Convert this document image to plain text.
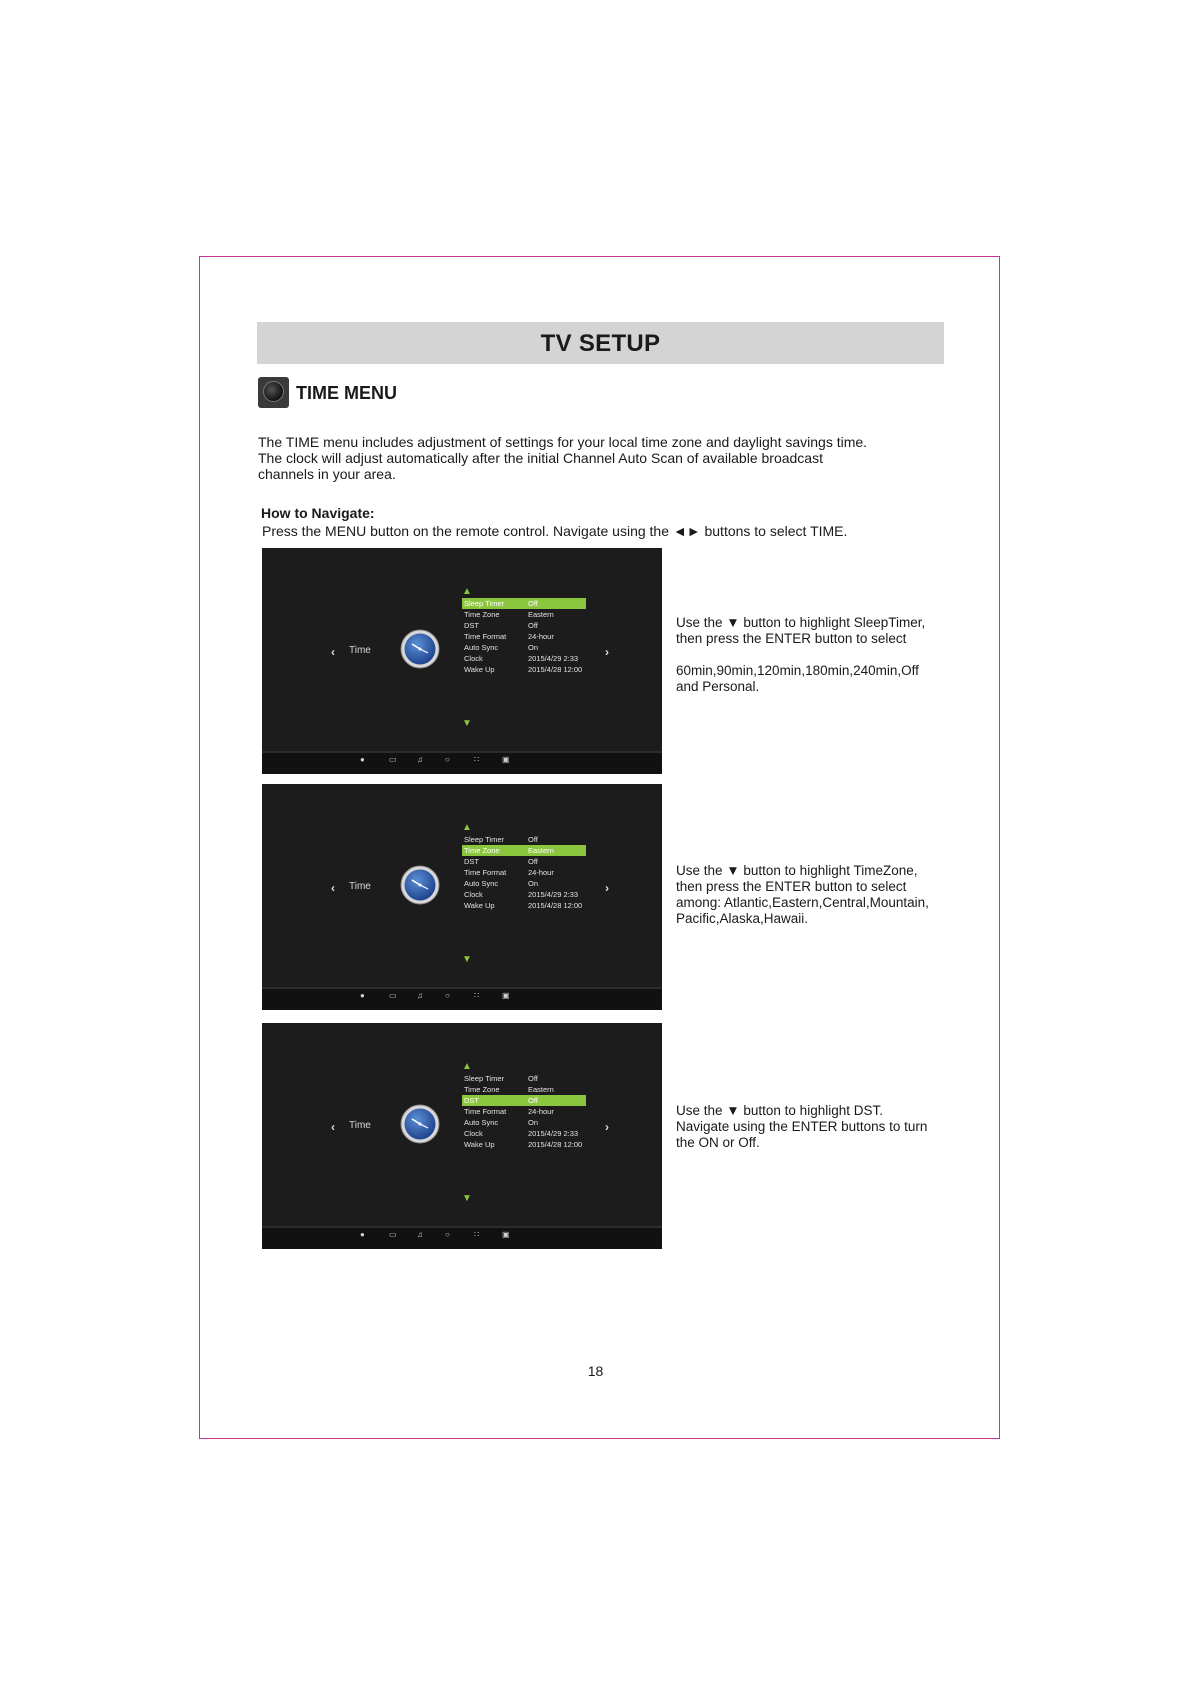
TV SETUP
TIME MENU

The TIME menu includes adjustment of settings for your local time zone and daylight savings time.

The clock will adjust automatically after the initial Channel Auto Scan of available broadcast

channels in your area.

How to Navigate:
Press the MENU button on the remote control. Navigate using the ◄► buttons to select TIME.
▲
Sleep Timer	Off
Time Zone	Eastern
DST	Off
Time Format	24-hour
Auto Sync	On
Clock	2015/4/29 2:33
Wake Up	2015/4/28 12:00
▼
‹ Time	›
●	▭	♫	○	∷	▣
▲
Sleep Timer	Off
Time Zone	Eastern
DST	Off
Time Format	24-hour
Auto Sync	On
Clock	2015/4/29 2:33
Wake Up	2015/4/28 12:00
▼
‹ Time	›
●	▭	♫	○	∷	▣
▲
Sleep Timer	Off
Time Zone	Eastern
DST	Off
Time Format	24-hour
Auto Sync	On
Clock	2015/4/29 2:33
Wake Up	2015/4/28 12:00
▼
‹ Time	›
●	▭	♫	○	∷	▣

Use the ▼ button to highlight SleepTimer,

then press the ENTER button to select

60min,90min,120min,180min,240min,Off

and Personal.

Use the ▼ button to highlight TimeZone,

then press the ENTER button to select

among: Atlantic,Eastern,Central,Mountain,

Pacific,Alaska,Hawaii.

Use the ▼ button to highlight DST.

Navigate using the ENTER buttons to turn

the ON or Off.

18
